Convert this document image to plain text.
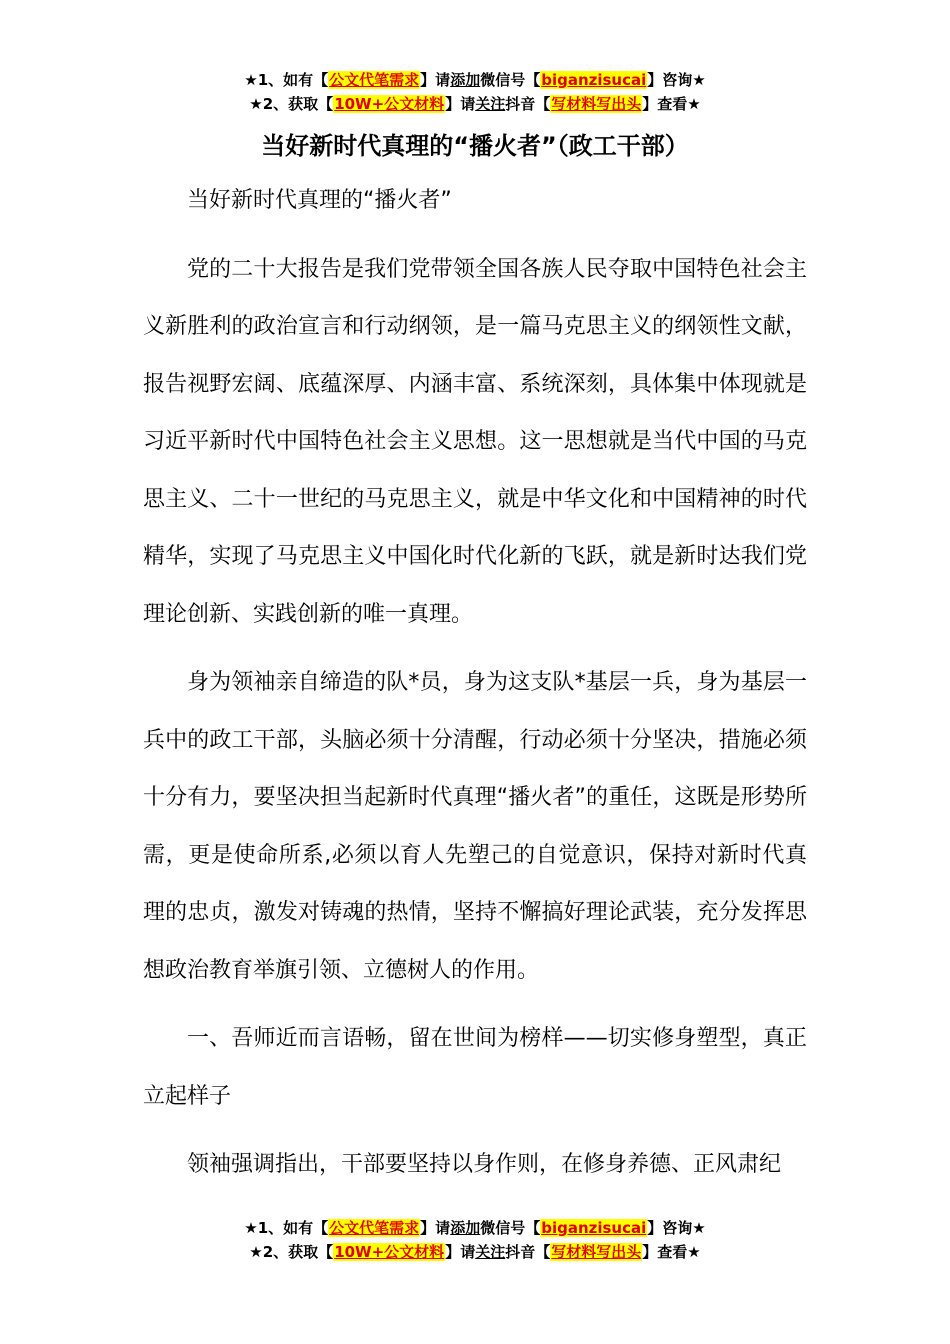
★1、如有【公文代笔需求】请添加微信号【biganzisucai】咨询★
★2、获取【10W+公文材料】请关注抖音【写材料写出头】查看★
当好新时代真理的“播火者”（政工干部）

当好新时代真理的“播火者”

党的二十大报告是我们党带领全国各族人民夺取中国特色社会主义新胜利的政治宣言和行动纲领，是一篇马克思主义的纲领性文献，报告视野宏阔、底蕴深厚、内涵丰富、系统深刻，具体集中体现就是习近平新时代中国特色社会主义思想。这一思想就是当代中国的马克思主义、二十一世纪的马克思主义，就是中华文化和中国精神的时代精华，实现了马克思主义中国化时代化新的飞跃，就是新时达我们党理论创新、实践创新的唯一真理。

身为领袖亲自缔造的队*员，身为这支队*基层一兵，身为基层一兵中的政工干部，头脑必须十分清醒，行动必须十分坚决，措施必须十分有力，要坚决担当起新时代真理“播火者”的重任，这既是形势所需，更是使命所系,必须以育人先塑己的自觉意识，保持对新时代真理的忠贞，激发对铸魂的热情，坚持不懈搞好理论武装，充分发挥思想政治教育举旗引领、立德树人的作用。

一、吾师近而言语畅，留在世间为榜样——切实修身塑型，真正立起样子

领袖强调指出，干部要坚持以身作则，在修身养德、正风肃纪

★1、如有【公文代笔需求】请添加微信号【biganzisucai】咨询★
★2、获取【10W+公文材料】请关注抖音【写材料写出头】查看★
